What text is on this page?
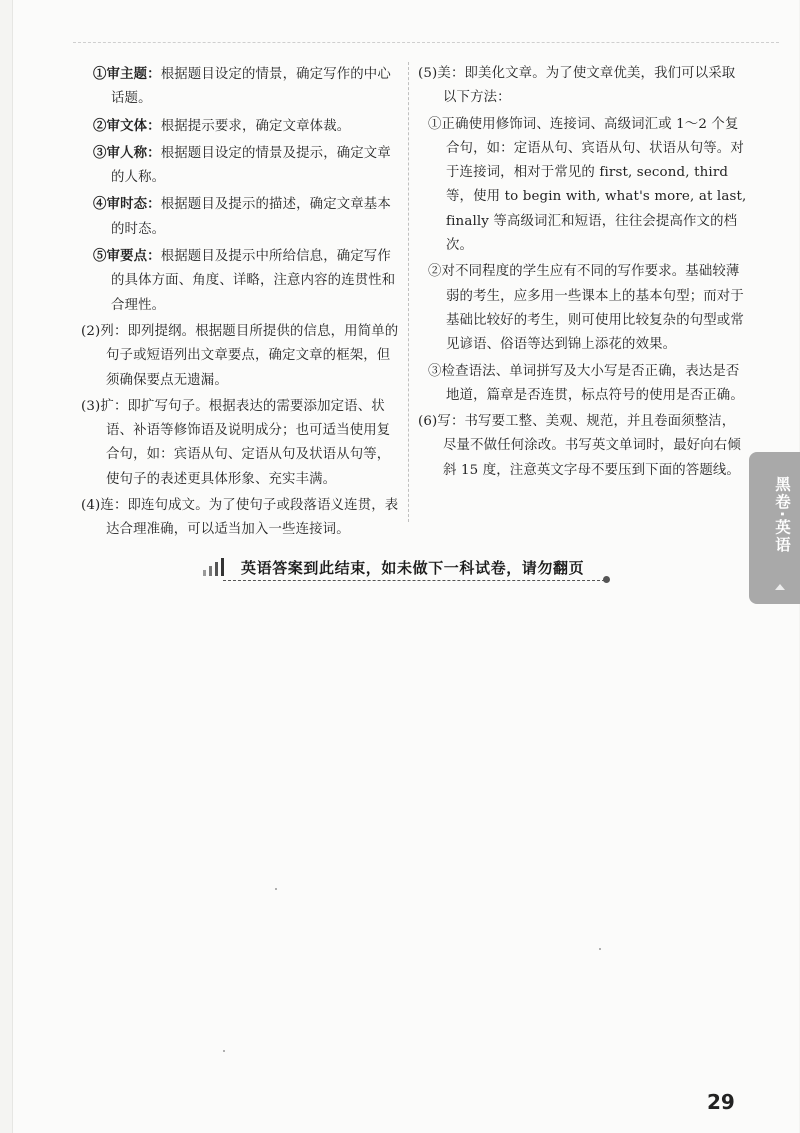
①审主题：根据题目设定的情景，确定写作的中心话题。

②审文体：根据提示要求，确定文章体裁。

③审人称：根据题目设定的情景及提示，确定文章的人称。

④审时态：根据题目及提示的描述，确定文章基本的时态。

⑤审要点：根据题目及提示中所给信息，确定写作的具体方面、角度、详略，注意内容的连贯性和合理性。

(2)列：即列提纲。根据题目所提供的信息，用简单的句子或短语列出文章要点，确定文章的框架，但须确保要点无遗漏。

(3)扩：即扩写句子。根据表达的需要添加定语、状语、补语等修饰语及说明成分；也可适当使用复合句，如：宾语从句、定语从句及状语从句等，使句子的表述更具体形象、充实丰满。

(4)连：即连句成文。为了使句子或段落语义连贯，表达合理准确，可以适当加入一些连接词。

(5)美：即美化文章。为了使文章优美，我们可以采取以下方法：

①正确使用修饰词、连接词、高级词汇或 1～2 个复合句，如：定语从句、宾语从句、状语从句等。对于连接词，相对于常见的 first, second, third 等，使用 to begin with, what's more, at last, finally 等高级词汇和短语，往往会提高作文的档次。

②对不同程度的学生应有不同的写作要求。基础较薄弱的考生，应多用一些课本上的基本句型；而对于基础比较好的考生，则可使用比较复杂的句型或常见谚语、俗语等达到锦上添花的效果。

③检查语法、单词拼写及大小写是否正确，表达是否地道，篇章是否连贯，标点符号的使用是否正确。

(6)写：书写要工整、美观、规范，并且卷面须整洁，尽量不做任何涂改。书写英文单词时，最好向右倾斜 15 度，注意英文字母不要压到下面的答题线。

英语答案到此结束，如未做下一科试卷，请勿翻页
黑卷·英语
29
